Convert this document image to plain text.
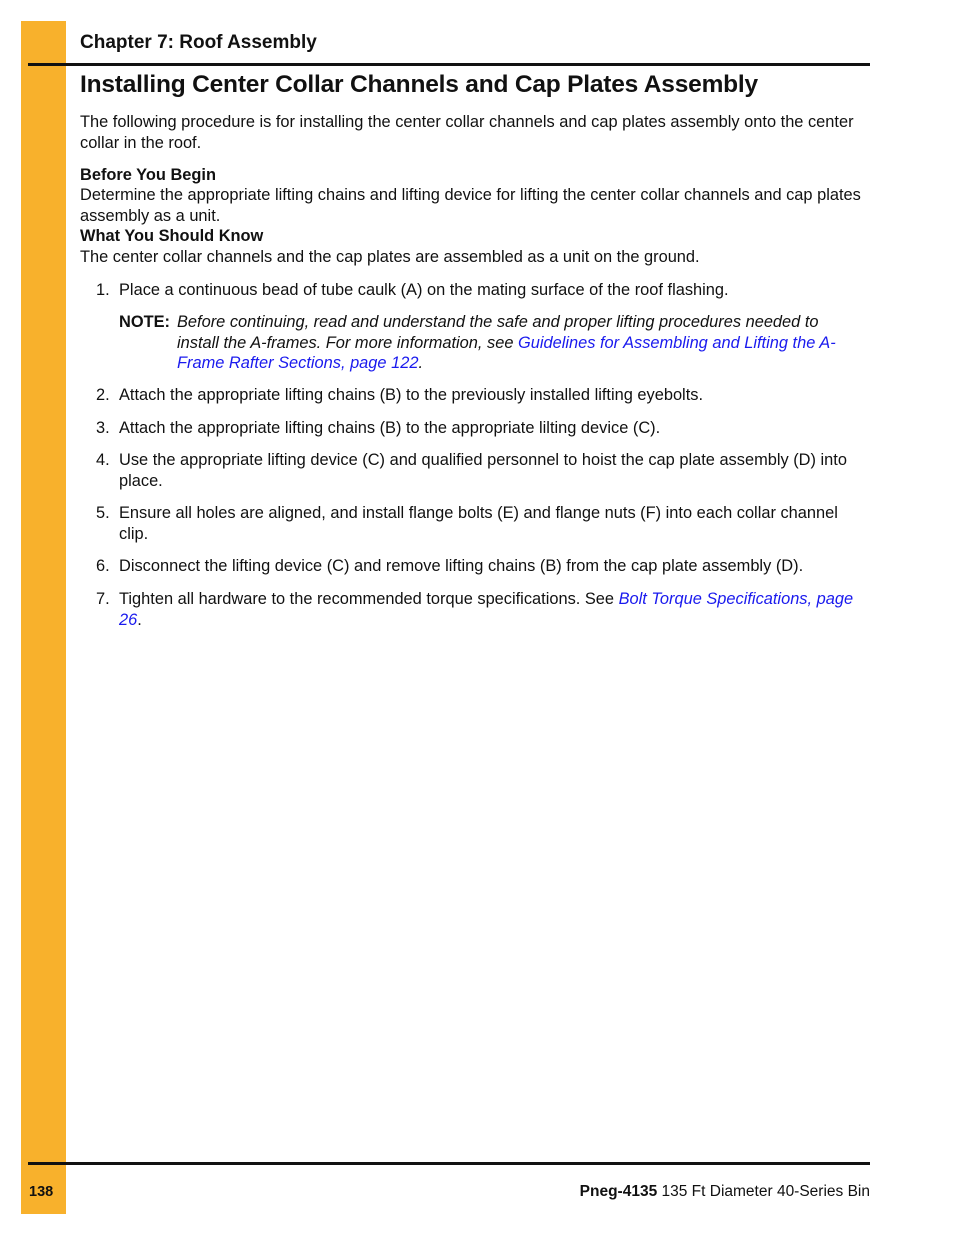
Chapter 7: Roof Assembly
Installing Center Collar Channels and Cap Plates Assembly
The following procedure is for installing the center collar channels and cap plates assembly onto the center collar in the roof.
Before You Begin
Determine the appropriate lifting chains and lifting device for lifting the center collar channels and cap plates assembly as a unit.
What You Should Know
The center collar channels and the cap plates are assembled as a unit on the ground.
1. Place a continuous bead of tube caulk (A) on the mating surface of the roof flashing.
NOTE: Before continuing, read and understand the safe and proper lifting procedures needed to install the A-frames. For more information, see Guidelines for Assembling and Lifting the A-Frame Rafter Sections, page 122.
2. Attach the appropriate lifting chains (B) to the previously installed lifting eyebolts.
3. Attach the appropriate lifting chains (B) to the appropriate lilting device (C).
4. Use the appropriate lifting device (C) and qualified personnel to hoist the cap plate assembly (D) into place.
5. Ensure all holes are aligned, and install flange bolts (E) and flange nuts (F) into each collar channel clip.
6. Disconnect the lifting device (C) and remove lifting chains (B) from the cap plate assembly (D).
7. Tighten all hardware to the recommended torque specifications. See Bolt Torque Specifications, page 26.
138	Pneg-4135 135 Ft Diameter 40-Series Bin
